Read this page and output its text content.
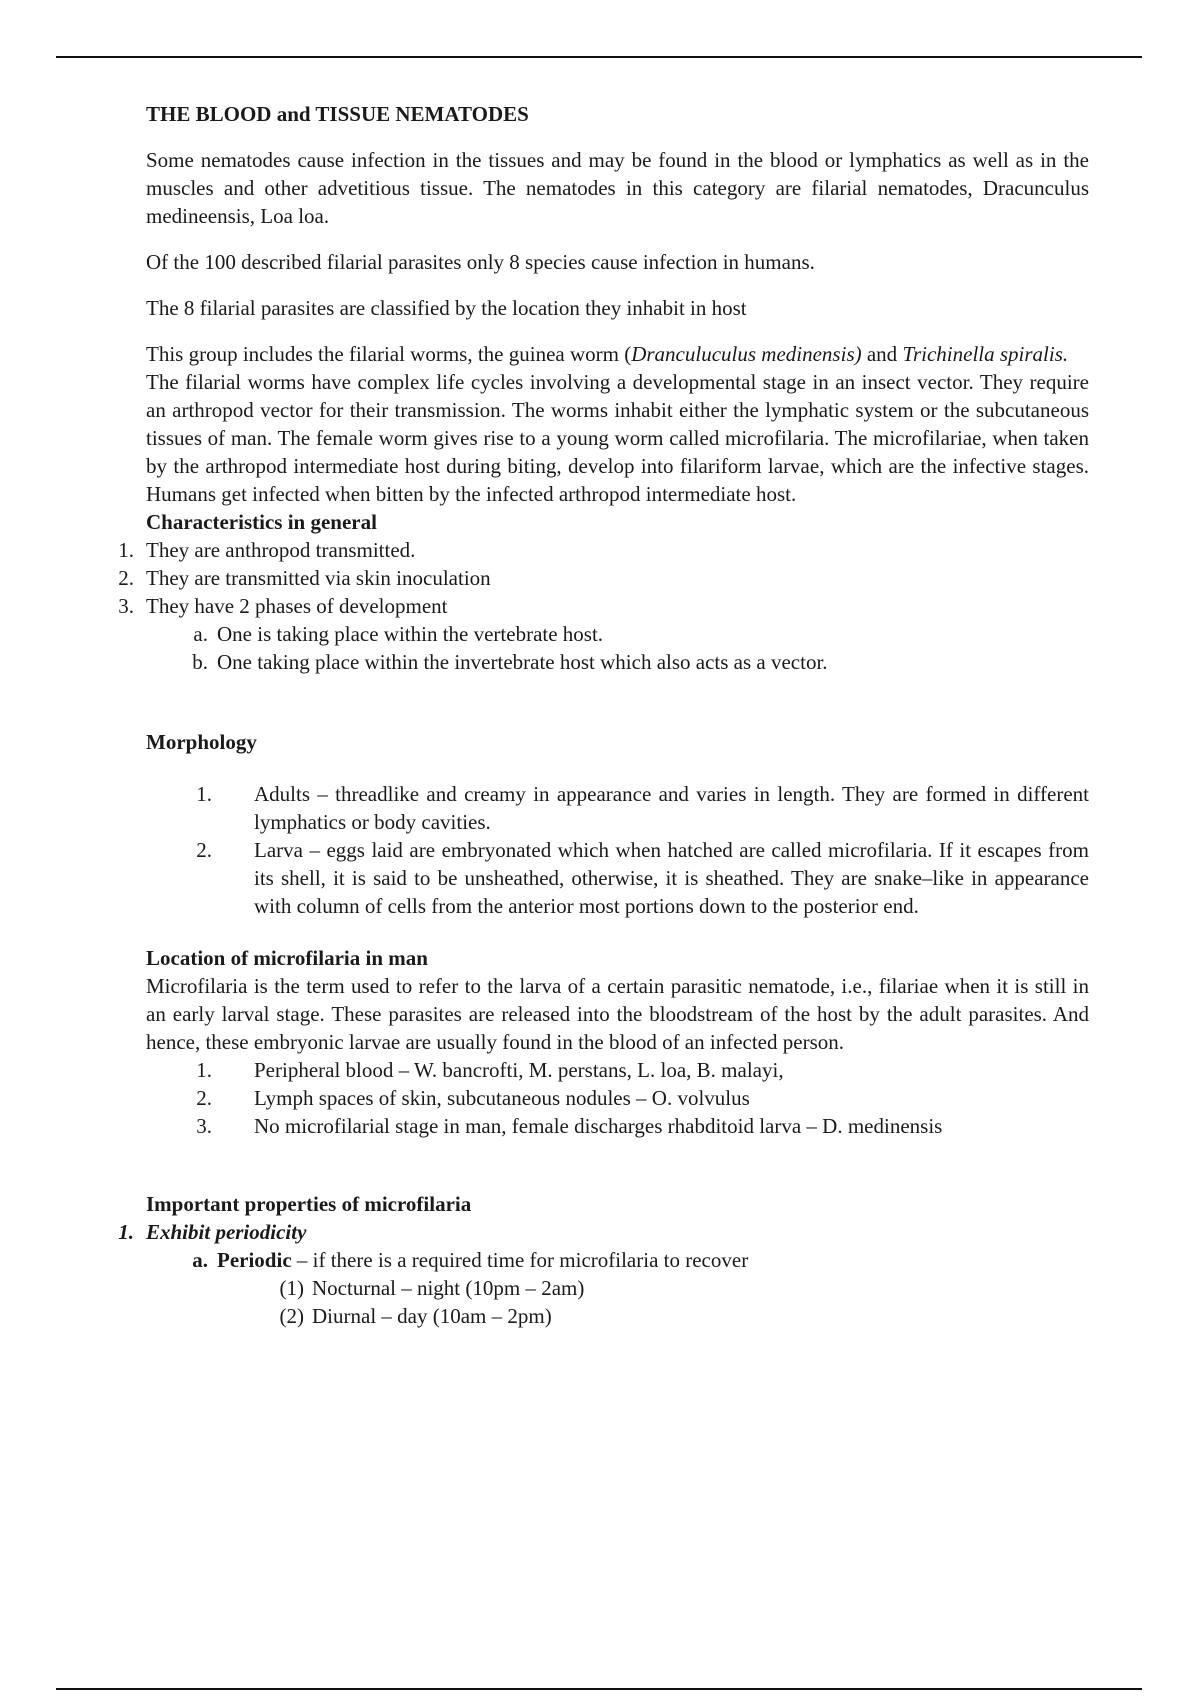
THE BLOOD and TISSUE NEMATODES

Some nematodes cause infection in the tissues and may be found in the blood or lymphatics as well as in the muscles and other advetitious tissue. The nematodes in this category are filarial nematodes, Dracunculus medineensis, Loa loa.

Of the 100 described filarial parasites only 8 species cause infection in humans.

The 8 filarial parasites are classified by the location they inhabit in host

This group includes the filarial worms, the guinea worm (Dranculuculus medinensis) and Trichinella spiralis.

The filarial worms have complex life cycles involving a developmental stage in an insect vector. They require an arthropod vector for their transmission. The worms inhabit either the lymphatic system or the subcutaneous tissues of man. The female worm gives rise to a young worm called microfilaria. The microfilariae, when taken by the arthropod intermediate host during biting, develop into filariform larvae, which are the infective stages. Humans get infected when bitten by the infected arthropod intermediate host.

Characteristics in general

1. They are anthropod transmitted.
2. They are transmitted via skin inoculation
3. They have 2 phases of development
a. One is taking place within the vertebrate host.
b. One taking place within the invertebrate host which also acts as a vector.

Morphology

1. Adults – threadlike and creamy in appearance and varies in length. They are formed in different lymphatics or body cavities.
2. Larva – eggs laid are embryonated which when hatched are called microfilaria. If it escapes from its shell, it is said to be unsheathed, otherwise, it is sheathed. They are snake–like in appearance with column of cells from the anterior most portions down to the posterior end.

Location of microfilaria in man

Microfilaria is the term used to refer to the larva of a certain parasitic nematode, i.e., filariae when it is still in an early larval stage. These parasites are released into the bloodstream of the host by the adult parasites. And hence, these embryonic larvae are usually found in the blood of an infected person.

1. Peripheral blood – W. bancrofti, M. perstans, L. loa, B. malayi,
2. Lymph spaces of skin, subcutaneous nodules – O. volvulus
3. No microfilarial stage in man, female discharges rhabditoid larva – D. medinensis

Important properties of microfilaria

1. Exhibit periodicity
a. Periodic – if there is a required time for microfilaria to recover
(1) Nocturnal – night (10pm – 2am)
(2) Diurnal – day (10am – 2pm)
